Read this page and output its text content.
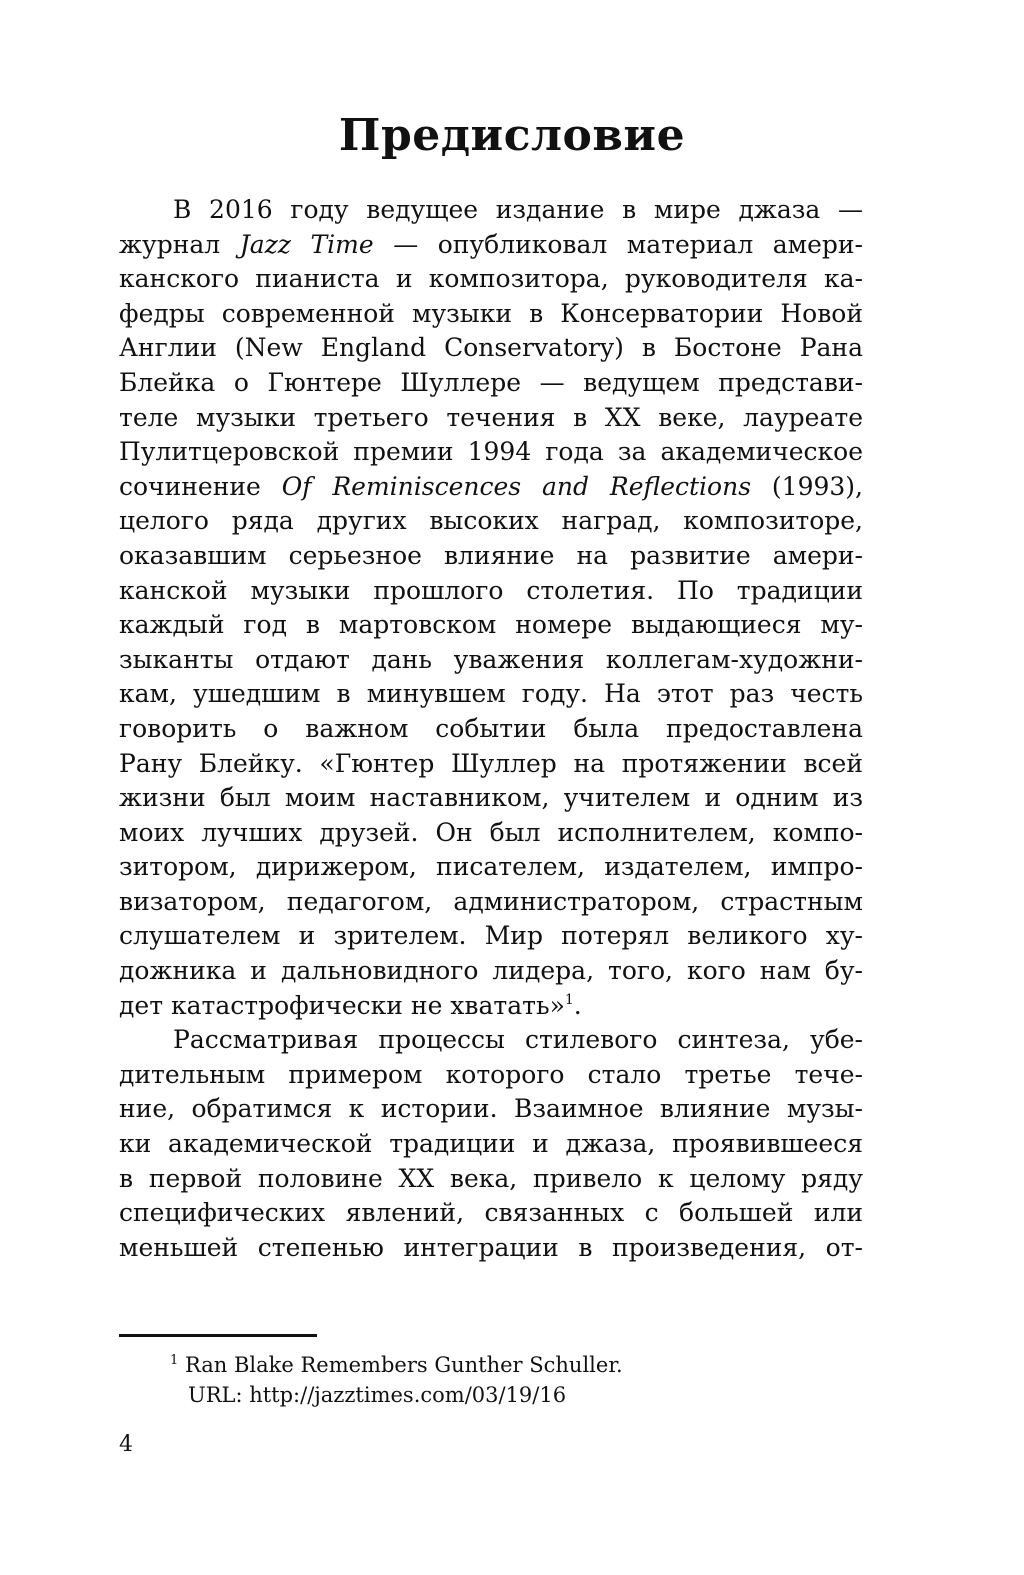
Предисловие
В 2016 году ведущее издание в мире джаза —
журнал Jazz Time — опубликовал материал амери-
канского пианиста и композитора, руководителя ка-
федры современной музыки в Консерватории Новой
Англии (New England Conservatory) в Бостоне Рана
Блейка о Гюнтере Шуллере — ведущем представи-
теле музыки третьего течения в XX веке, лауреате
Пулитцеровской премии 1994 года за академическое
сочинение Of Reminiscences and Reflections (1993),
целого ряда других высоких наград, композиторе,
оказавшим серьезное влияние на развитие амери-
канской музыки прошлого столетия. По традиции
каждый год в мартовском номере выдающиеся му-
зыканты отдают дань уважения коллегам-художни-
кам, ушедшим в минувшем году. На этот раз честь
говорить о важном событии была предоставлена
Рану Блейку. «Гюнтер Шуллер на протяжении всей
жизни был моим наставником, учителем и одним из
моих лучших друзей. Он был исполнителем, компо-
зитором, дирижером, писателем, издателем, импро-
визатором, педагогом, администратором, страстным
слушателем и зрителем. Мир потерял великого ху-
дожника и дальновидного лидера, того, кого нам бу-
дет катастрофически не хватать»$^1$.
Рассматривая процессы стилевого синтеза, убе-
дительным примером которого стало третье тече-
ние, обратимся к истории. Взаимное влияние музы-
ки академической традиции и джаза, проявившееся
в первой половине XX века, привело к целому ряду
специфических явлений, связанных с большей или
меньшей степенью интеграции в произведения, от-
$^1$ Ran Blake Remembers Gunther Schuller.
URL: http://jazztimes.com/03/19/16
4
